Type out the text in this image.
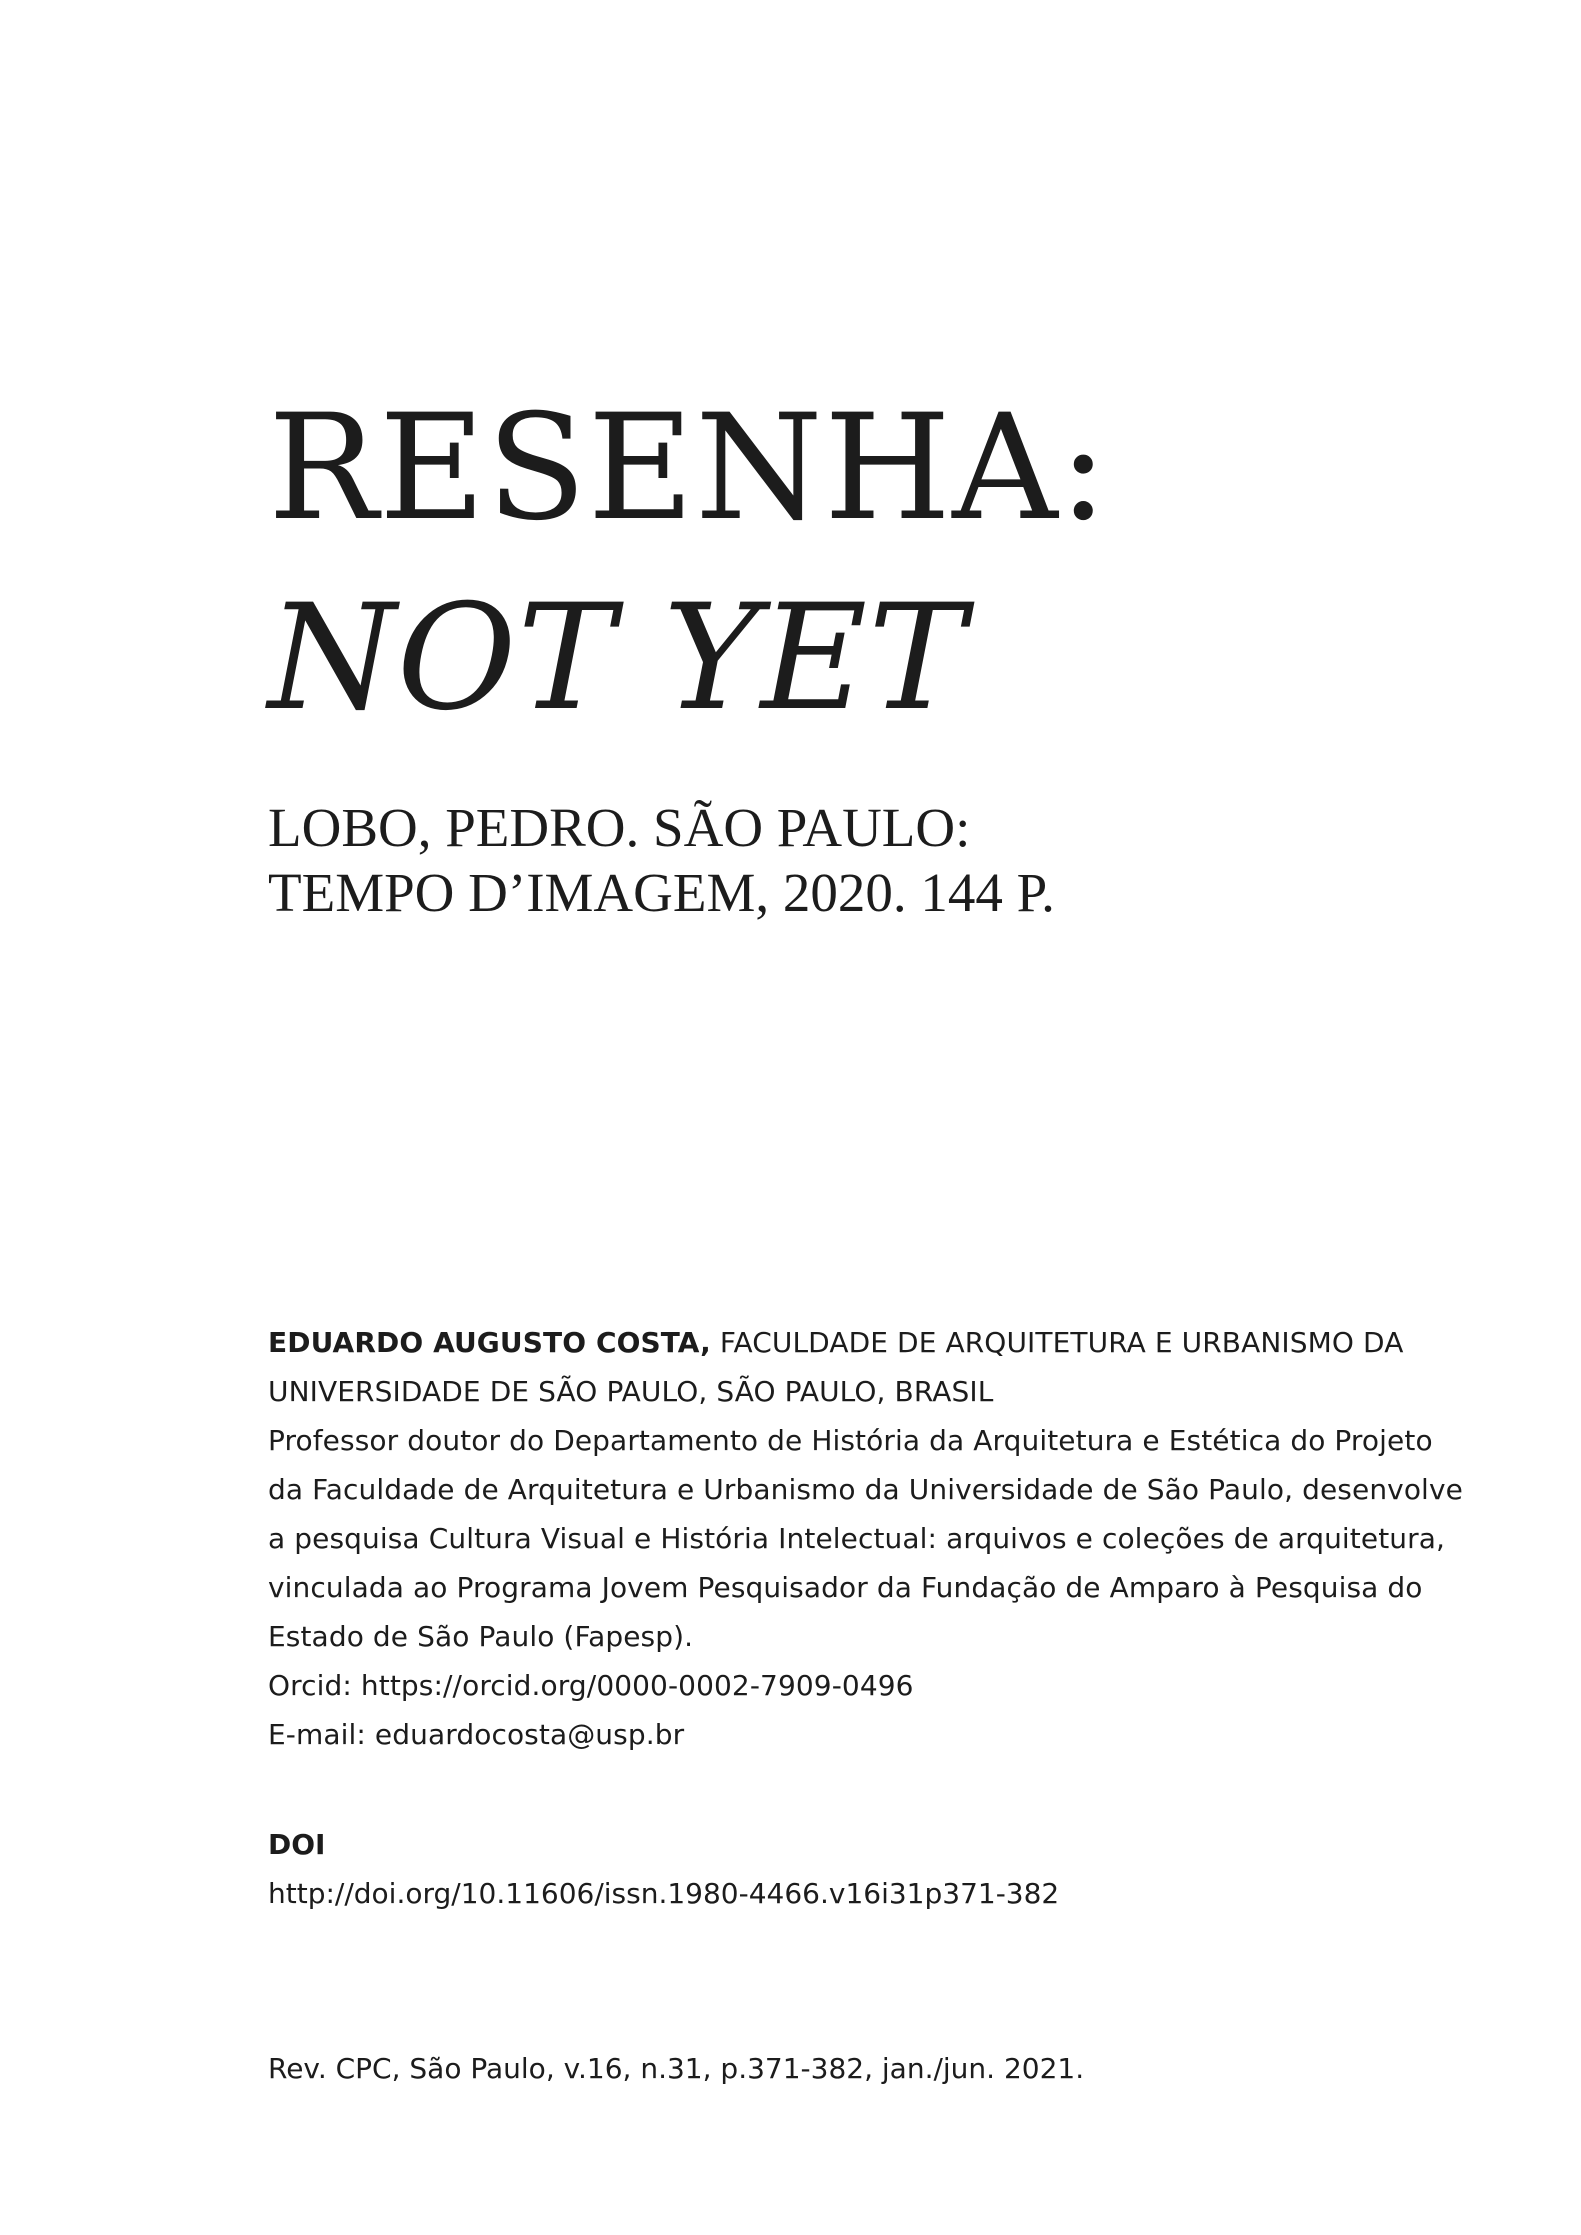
RESENHA:
NOT YET
LOBO, PEDRO. SÃO PAULO:
TEMPO D’IMAGEM, 2020. 144 P.

EDUARDO AUGUSTO COSTA, FACULDADE DE ARQUITETURA E URBANISMO DA
UNIVERSIDADE DE SÃO PAULO, SÃO PAULO, BRASIL

Professor doutor do Departamento de História da Arquitetura e Estética do Projeto
da Faculdade de Arquitetura e Urbanismo da Universidade de São Paulo, desenvolve
a pesquisa Cultura Visual e História Intelectual: arquivos e coleções de arquitetura,
vinculada ao Programa Jovem Pesquisador da Fundação de Amparo à Pesquisa do
Estado de São Paulo (Fapesp).

Orcid: https://orcid.org/0000-0002-7909-0496

E-mail: eduardocosta@usp.br

DOI

http://doi.org/10.11606/issn.1980-4466.v16i31p371-382

Rev. CPC, São Paulo, v.16, n.31, p.371-382, jan./jun. 2021.
